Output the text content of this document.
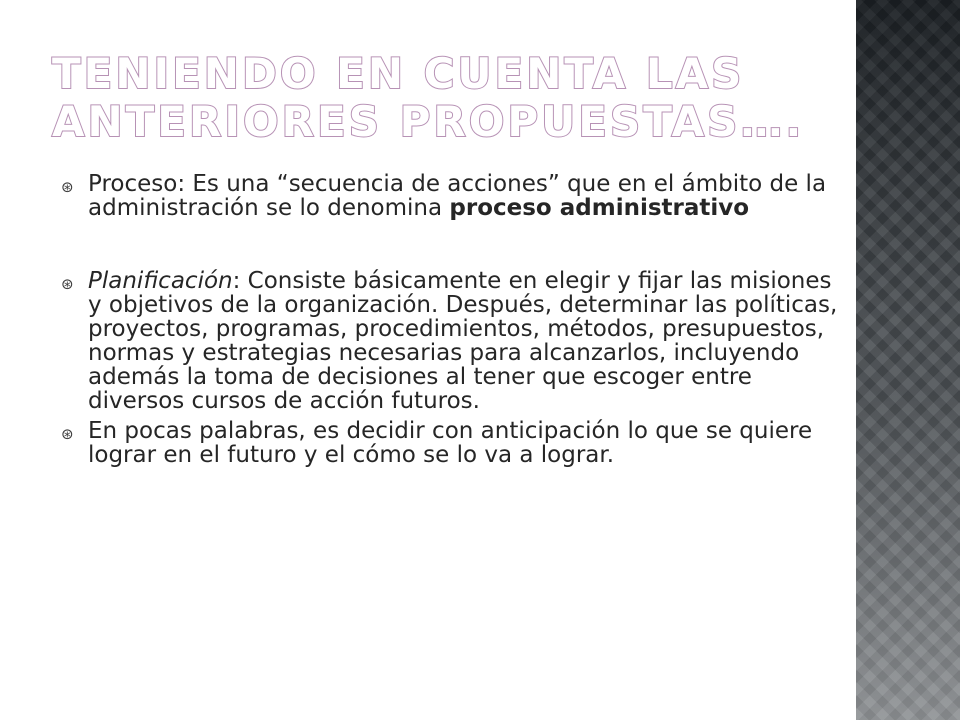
TENIENDO EN CUENTA LAS ANTERIORES PROPUESTAS….
⊛ Proceso: Es una “secuencia de acciones” que en el ámbito de la administración se lo denomina proceso administrativo
⊛ Planificación: Consiste básicamente en elegir y fijar las misiones y objetivos de la organización. Después, determinar las políticas, proyectos, programas, procedimientos, métodos, presupuestos, normas y estrategias necesarias para alcanzarlos, incluyendo además la toma de decisiones al tener que escoger entre diversos cursos de acción futuros.
⊛ En pocas palabras, es decidir con anticipación lo que se quiere lograr en el futuro y el cómo se lo va a lograr.
